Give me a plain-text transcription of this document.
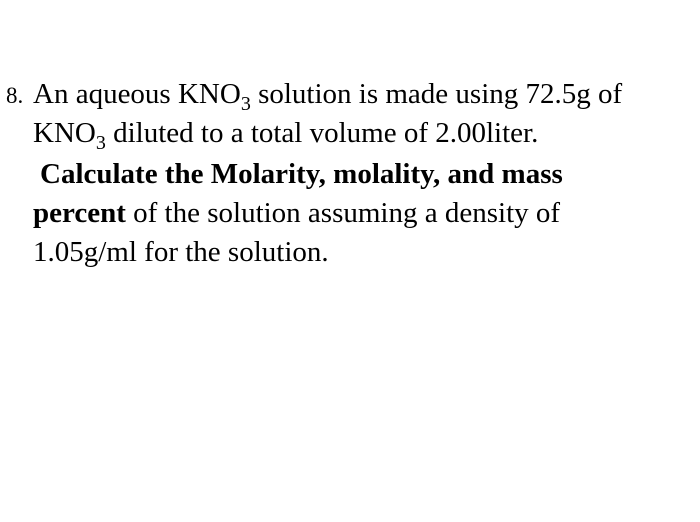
8. An aqueous $KNO_3$ solution is made using 72.5g of
$KNO_3$ diluted to a total volume of 2.00liter.
Calculate the Molarity, molality, and mass
percent of the solution assuming a density of
1.05g/ml for the solution.
